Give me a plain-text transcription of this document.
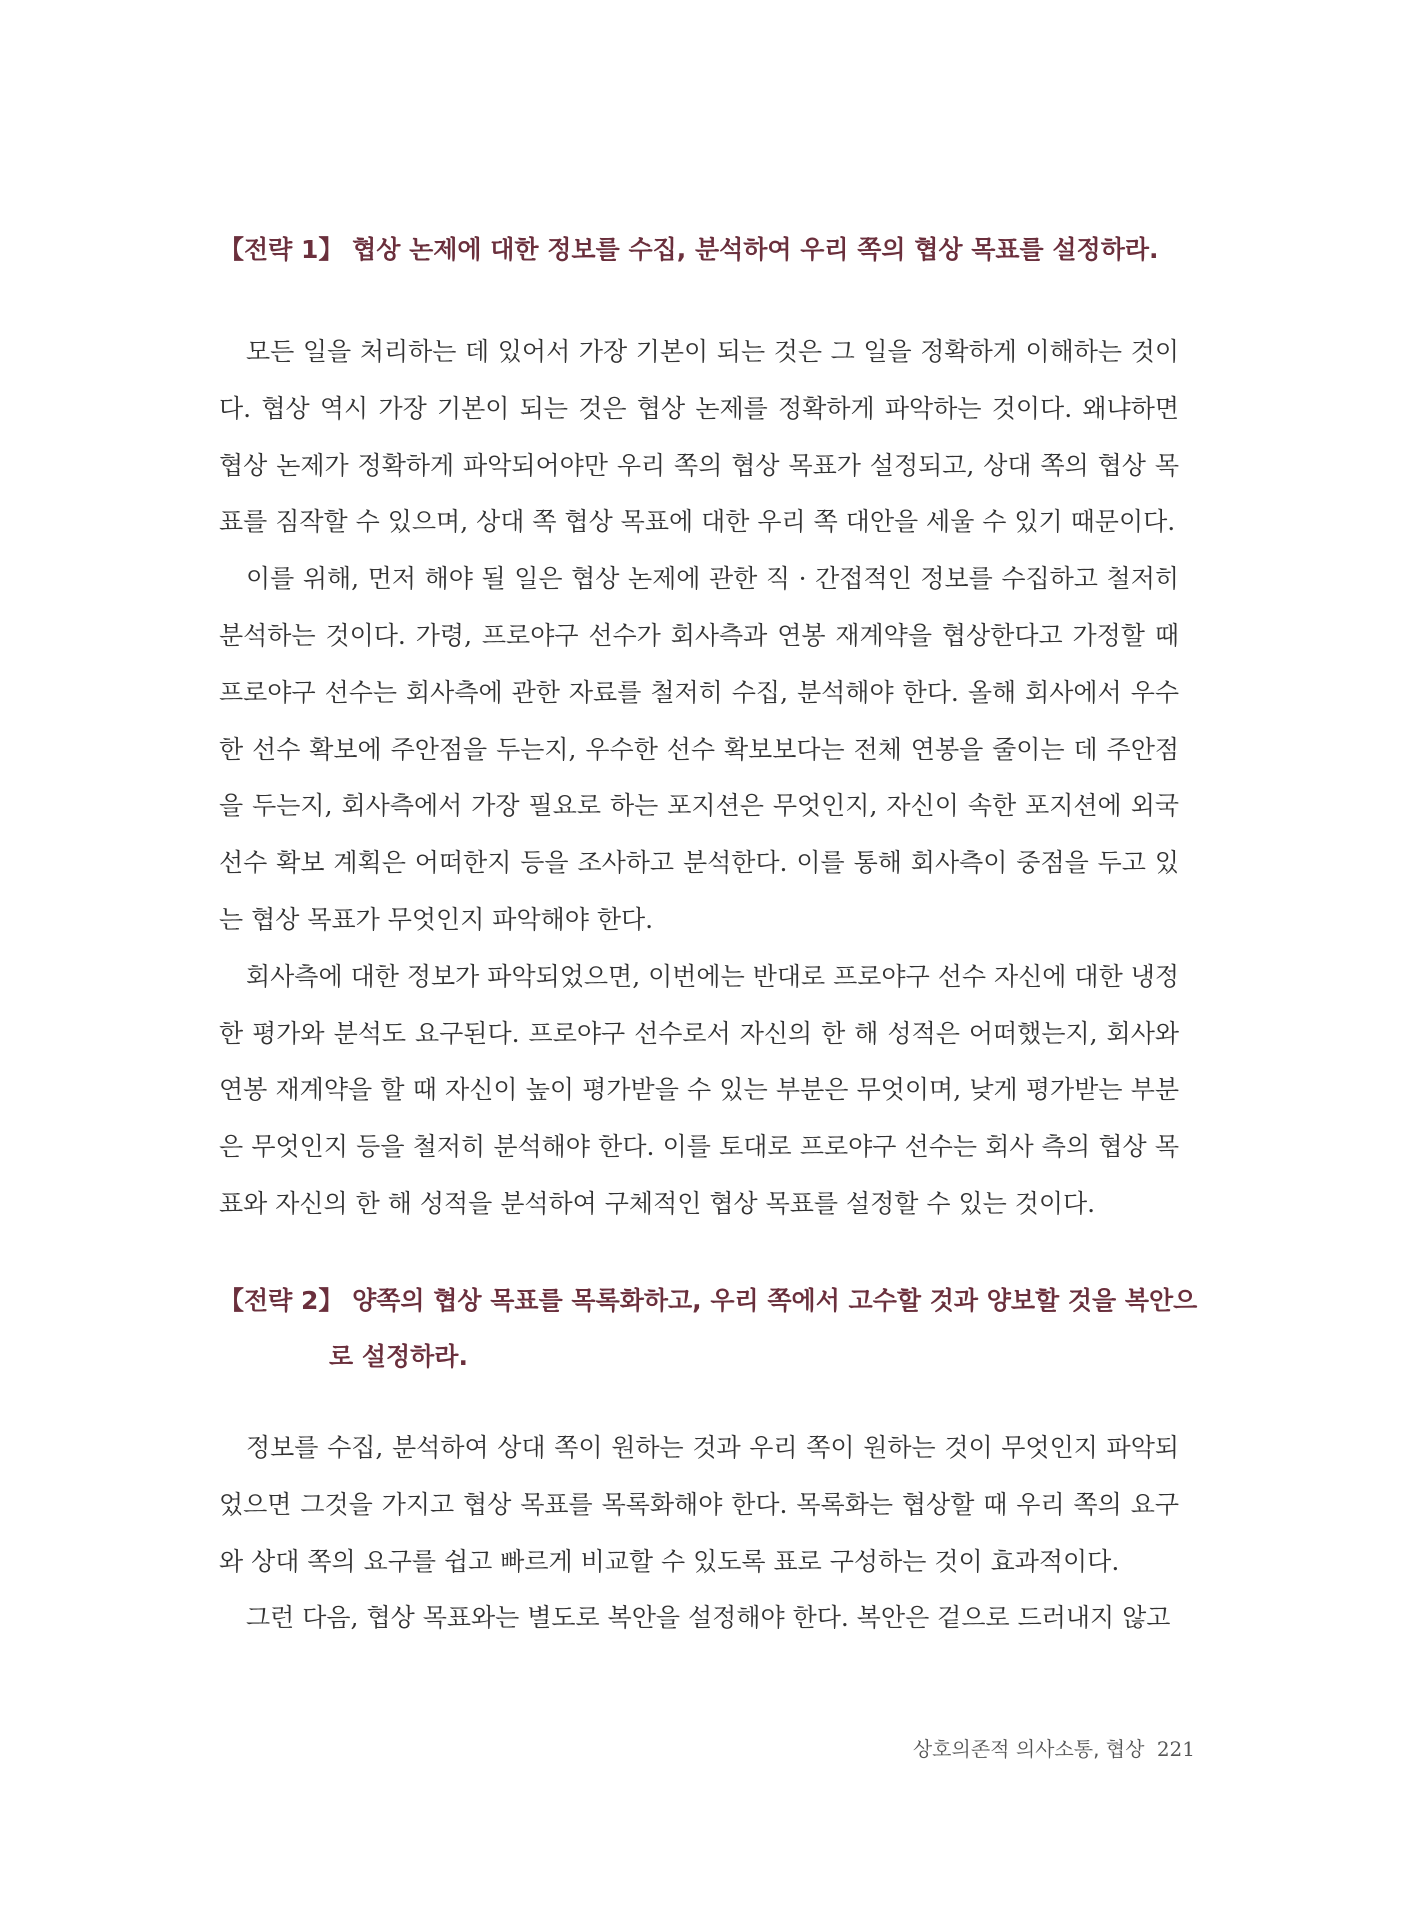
【전략 1】 협상 논제에 대한 정보를 수집, 분석하여 우리 쪽의 협상 목표를 설정하라.

모든 일을 처리하는 데 있어서 가장 기본이 되는 것은 그 일을 정확하게 이해하는 것이다. 협상 역시 가장 기본이 되는 것은 협상 논제를 정확하게 파악하는 것이다. 왜냐하면 협상 논제가 정확하게 파악되어야만 우리 쪽의 협상 목표가 설정되고, 상대 쪽의 협상 목표를 짐작할 수 있으며, 상대 쪽 협상 목표에 대한 우리 쪽 대안을 세울 수 있기 때문이다.

이를 위해, 먼저 해야 될 일은 협상 논제에 관한 직 · 간접적인 정보를 수집하고 철저히 분석하는 것이다. 가령, 프로야구 선수가 회사측과 연봉 재계약을 협상한다고 가정할 때 프로야구 선수는 회사측에 관한 자료를 철저히 수집, 분석해야 한다. 올해 회사에서 우수한 선수 확보에 주안점을 두는지, 우수한 선수 확보보다는 전체 연봉을 줄이는 데 주안점을 두는지, 회사측에서 가장 필요로 하는 포지션은 무엇인지, 자신이 속한 포지션에 외국 선수 확보 계획은 어떠한지 등을 조사하고 분석한다. 이를 통해 회사측이 중점을 두고 있는 협상 목표가 무엇인지 파악해야 한다.

회사측에 대한 정보가 파악되었으면, 이번에는 반대로 프로야구 선수 자신에 대한 냉정한 평가와 분석도 요구된다. 프로야구 선수로서 자신의 한 해 성적은 어떠했는지, 회사와 연봉 재계약을 할 때 자신이 높이 평가받을 수 있는 부분은 무엇이며, 낮게 평가받는 부분은 무엇인지 등을 철저히 분석해야 한다. 이를 토대로 프로야구 선수는 회사 측의 협상 목표와 자신의 한 해 성적을 분석하여 구체적인 협상 목표를 설정할 수 있는 것이다.

【전략 2】 양쪽의 협상 목표를 목록화하고, 우리 쪽에서 고수할 것과 양보할 것을 복안으
로 설정하라.

정보를 수집, 분석하여 상대 쪽이 원하는 것과 우리 쪽이 원하는 것이 무엇인지 파악되었으면 그것을 가지고 협상 목표를 목록화해야 한다. 목록화는 협상할 때 우리 쪽의 요구와 상대 쪽의 요구를 쉽고 빠르게 비교할 수 있도록 표로 구성하는 것이 효과적이다.

그런 다음, 협상 목표와는 별도로 복안을 설정해야 한다. 복안은 겉으로 드러내지 않고

상호의존적 의사소통, 협상 221
